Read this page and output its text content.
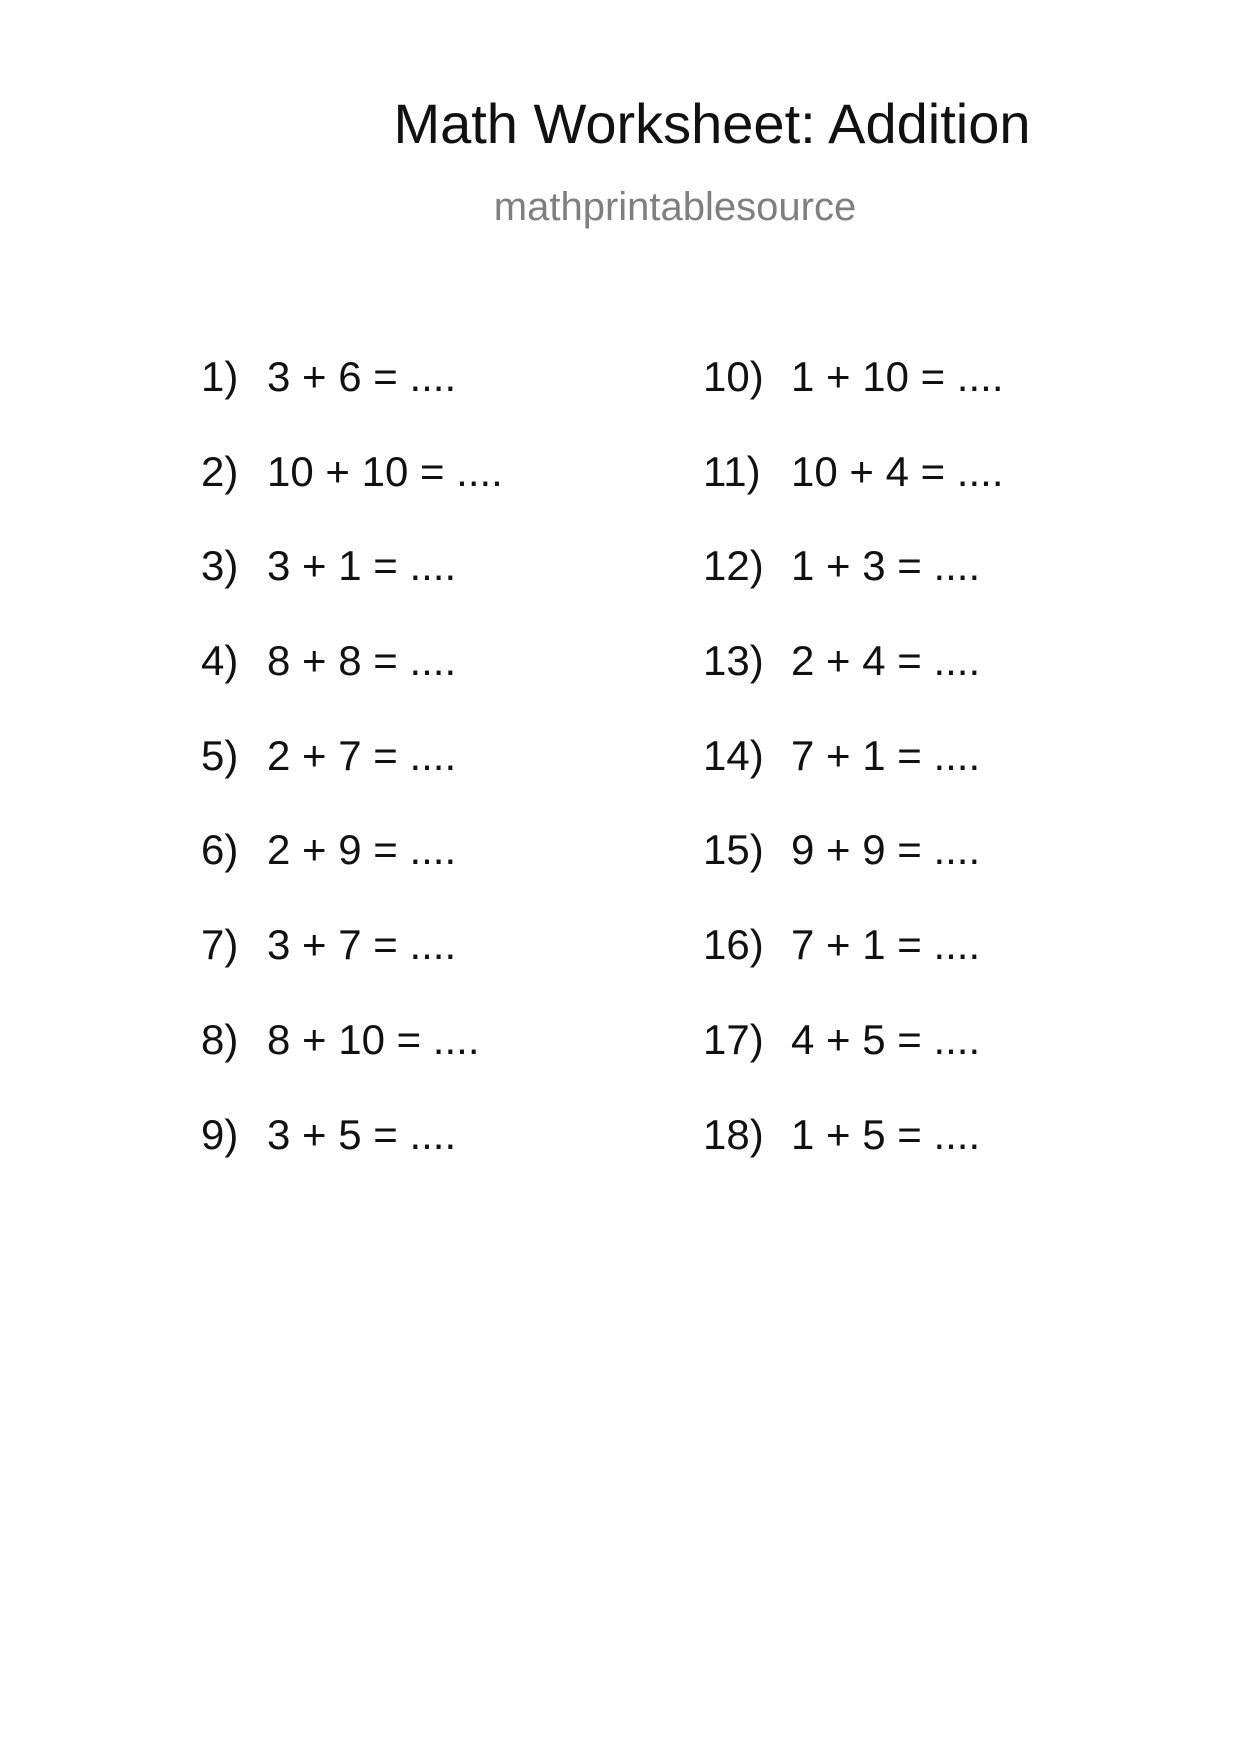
Math Worksheet: Addition
mathprintablesource
1) 3 + 6 = ....
2) 10 + 10 = ....
3) 3 + 1 = ....
4) 8 + 8 = ....
5) 2 + 7 = ....
6) 2 + 9 = ....
7) 3 + 7 = ....
8) 8 + 10 = ....
9) 3 + 5 = ....
10) 1 + 10 = ....
11) 10 + 4 = ....
12) 1 + 3 = ....
13) 2 + 4 = ....
14) 7 + 1 = ....
15) 9 + 9 = ....
16) 7 + 1 = ....
17) 4 + 5 = ....
18) 1 + 5 = ....
